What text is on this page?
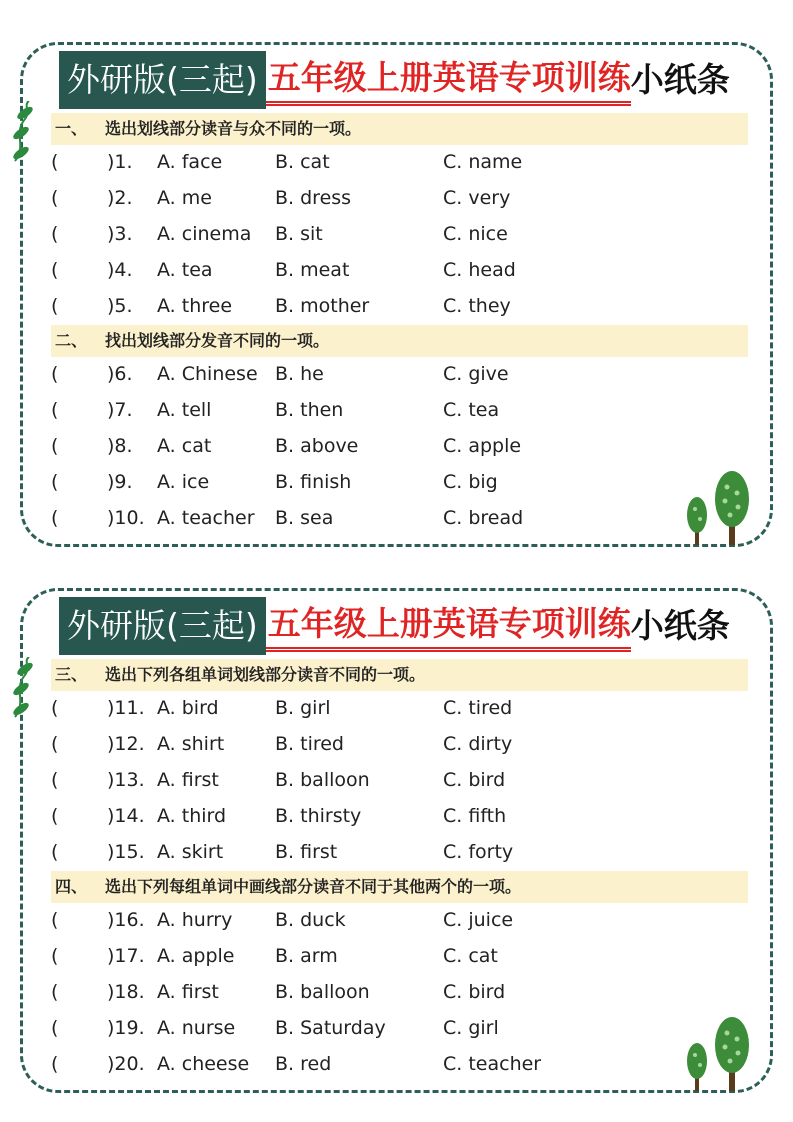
外研版(三起) 五年级上册英语专项训练 小纸条
一、 选出划线部分读音与众不同的一项。
(	)1. A. face	B. cat	C. name
(	)2. A. me	B. dress	C. very
(	)3. A. cinema B. sit	C. nice
(	)4. A. tea	B. meat	C. head
(	)5. A. three B. mother	C. they
二、 找出划线部分发音不同的一项。
(	)6. A. Chinese B. he	C. give
(	)7. A. tell	B. then	C. tea
(	)8. A. cat	B. above	C. apple
(	)9. A. ice	B. finish	C. big
(	)10. A. teacher B. sea	C. bread
外研版(三起) 五年级上册英语专项训练 小纸条
三、 选出下列各组单词划线部分读音不同的一项。
(	)11. A. bird	B. girl	C. tired
(	)12. A. shirt	B. tired	C. dirty
(	)13. A. first	B. balloon	C. bird
(	)14. A. third	B. thirsty	C. fifth
(	)15. A. skirt	B. first	C. forty
四、 选出下列每组单词中画线部分读音不同于其他两个的一项。
(	)16. A. hurry B. duck	C. juice
(	)17. A. apple B. arm	C. cat
(	)18. A. first	B. balloon	C. bird
(	)19. A. nurse B. Saturday	C. girl
(	)20. A. cheese B. red	C. teacher
